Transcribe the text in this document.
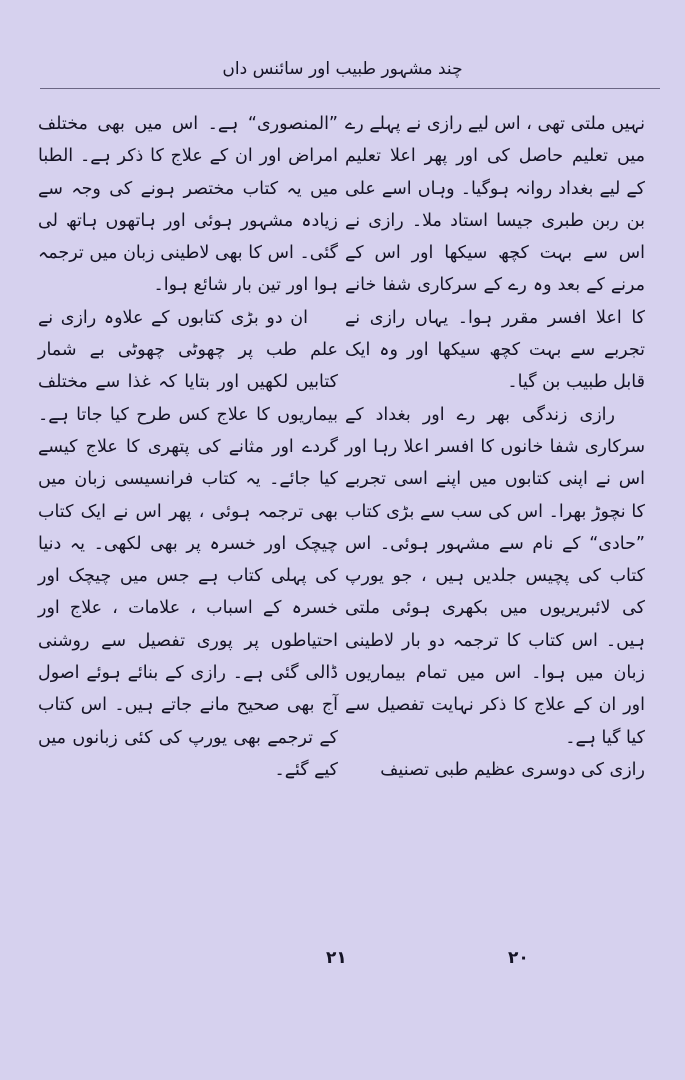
چند مشہور طبیب اور سائنس داں

نہیں ملتی تھی ، اس لیے رازی نے پہلے رے میں تعلیم حاصل کی اور پھر اعلا تعلیم کے لیے بغداد روانہ ہوگیا۔ وہاں اسے علی بن ربن طبری جیسا استاد ملا۔ رازی نے اس سے بہت کچھ سیکھا اور اس کے مرنے کے بعد وہ رے کے سرکاری شفا خانے کا اعلا افسر مقرر ہوا۔ یہاں رازی نے تجربے سے بہت کچھ سیکھا اور وہ ایک قابل طبیب بن گیا۔

رازی زندگی بھر رے اور بغداد کے سرکاری شفا خانوں کا افسر اعلا رہا اور اس نے اپنی کتابوں میں اپنے اسی تجربے کا نچوڑ بھرا۔ اس کی سب سے بڑی کتاب ”حادی“ کے نام سے مشہور ہوئی۔ اس کتاب کی پچیس جلدیں ہیں ، جو یورپ کی لائبریریوں میں بکھری ہوئی ملتی ہیں۔ اس کتاب کا ترجمہ دو بار لاطینی زبان میں ہوا۔ اس میں تمام بیماریوں اور ان کے علاج کا ذکر نہایت تفصیل سے کیا گیا ہے۔

رازی کی دوسری عظیم طبی تصنیف

”المنصوری“ ہے۔ اس میں بھی مختلف امراض اور ان کے علاج کا ذکر ہے۔ الطبا میں یہ کتاب مختصر ہونے کی وجہ سے زیادہ مشہور ہوئی اور ہاتھوں ہاتھ لی گئی۔ اس کا بھی لاطینی زبان میں ترجمہ ہوا اور تین بار شائع ہوا۔

ان دو بڑی کتابوں کے علاوہ رازی نے علم طب پر چھوٹی چھوٹی بے شمار کتابیں لکھیں اور بتایا کہ غذا سے مختلف بیماریوں کا علاج کس طرح کیا جاتا ہے۔ گردے اور مثانے کی پتھری کا علاج کیسے کیا جائے۔ یہ کتاب فرانسیسی زبان میں بھی ترجمہ ہوئی ، پھر اس نے ایک کتاب چیچک اور خسرہ پر بھی لکھی۔ یہ دنیا کی پہلی کتاب ہے جس میں چیچک اور خسرہ کے اسباب ، علامات ، علاج اور احتیاطوں پر پوری تفصیل سے روشنی ڈالی گئی ہے۔ رازی کے بنائے ہوئے اصول آج بھی صحیح مانے جاتے ہیں۔ اس کتاب کے ترجمے بھی یورپ کی کئی زبانوں میں کیے گئے۔

۲۱	۲۰
